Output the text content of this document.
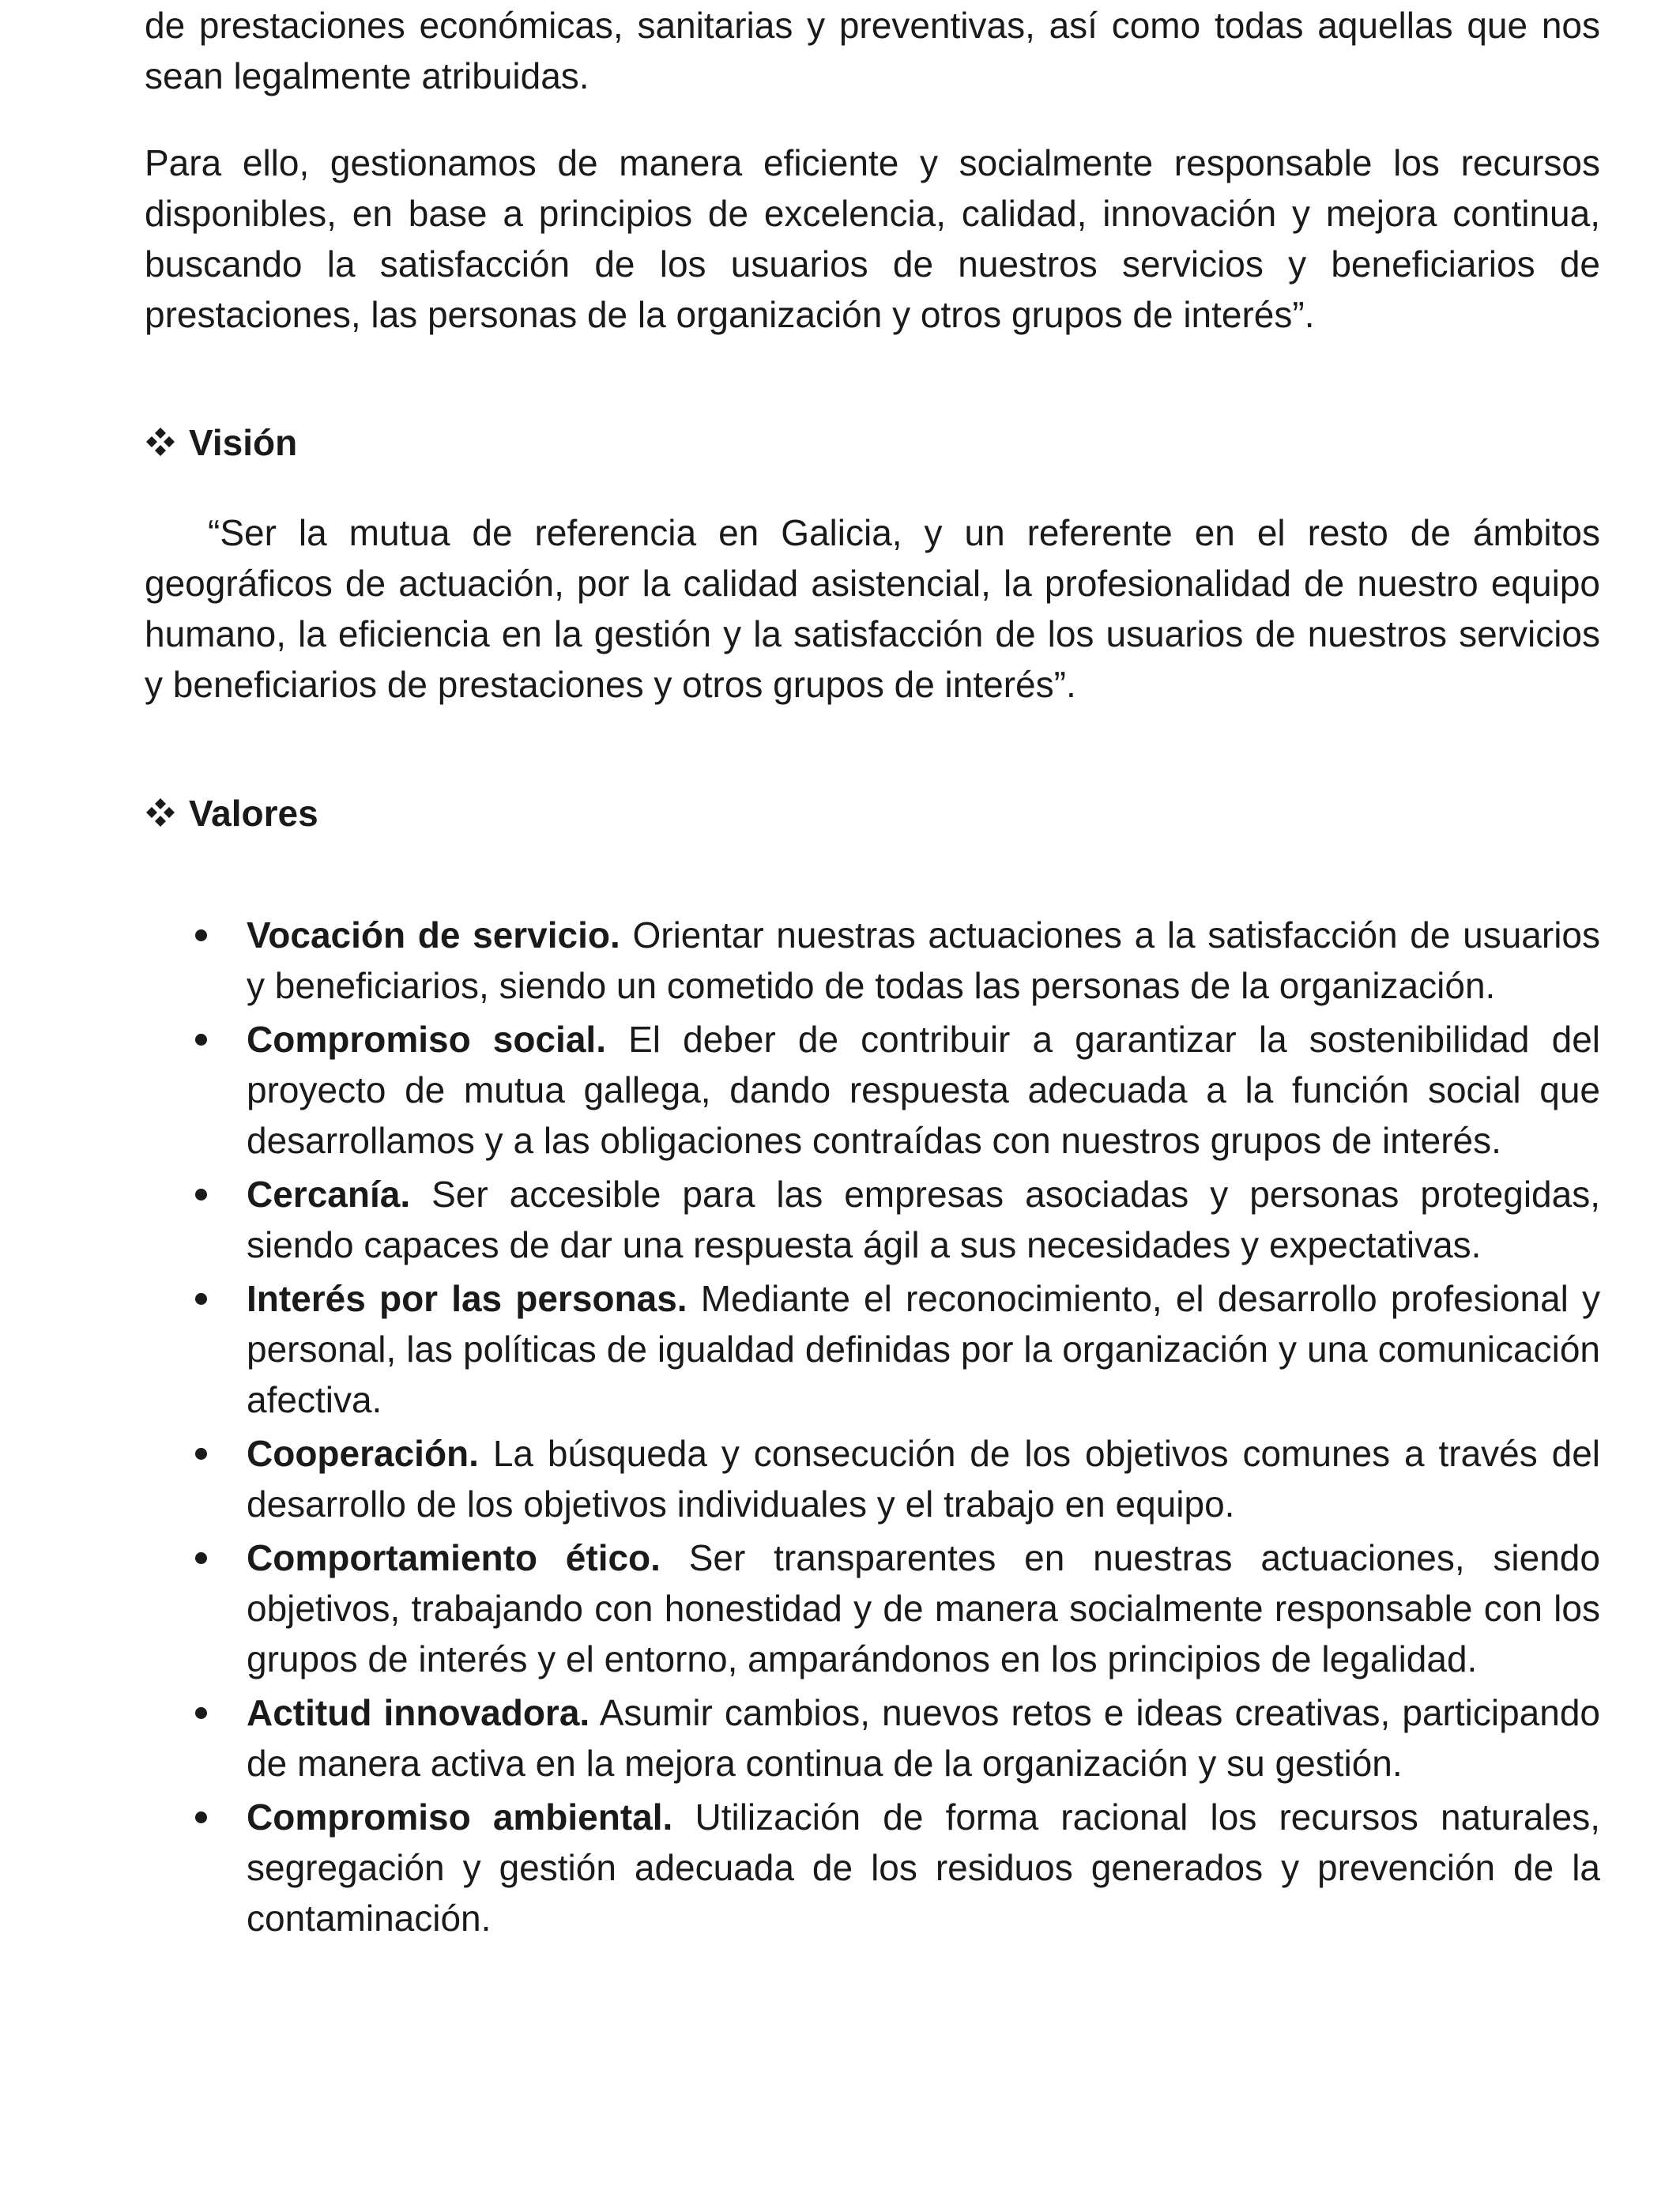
de prestaciones económicas, sanitarias y preventivas, así como todas aquellas que nos sean legalmente atribuidas.

Para ello, gestionamos de manera eficiente y socialmente responsable los recursos disponibles, en base a principios de excelencia, calidad, innovación y mejora continua, buscando la satisfacción de los usuarios de nuestros servicios y beneficiarios de prestaciones, las personas de la organización y otros grupos de interés”.

Visión

“Ser la mutua de referencia en Galicia, y un referente en el resto de ámbitos geográficos de actuación, por la calidad asistencial, la profesionalidad de nuestro equipo humano, la eficiencia en la gestión y la satisfacción de los usuarios de nuestros servicios y beneficiarios de prestaciones y otros grupos de interés”.

Valores
Vocación de servicio. Orientar nuestras actuaciones a la satisfacción de usuarios y beneficiarios, siendo un cometido de todas las personas de la organización.
Compromiso social. El deber de contribuir a garantizar la sostenibilidad del proyecto de mutua gallega, dando respuesta adecuada a la función social que desarrollamos y a las obligaciones contraídas con nuestros grupos de interés.
Cercanía. Ser accesible para las empresas asociadas y personas protegidas, siendo capaces de dar una respuesta ágil a sus necesidades y expectativas.
Interés por las personas. Mediante el reconocimiento, el desarrollo profesional y personal, las políticas de igualdad definidas por la organización y una comunicación afectiva.
Cooperación. La búsqueda y consecución de los objetivos comunes a través del desarrollo de los objetivos individuales y el trabajo en equipo.
Comportamiento ético. Ser transparentes en nuestras actuaciones, siendo objetivos, trabajando con honestidad y de manera socialmente responsable con los grupos de interés y el entorno, amparándonos en los principios de legalidad.
Actitud innovadora. Asumir cambios, nuevos retos e ideas creativas, participando de manera activa en la mejora continua de la organización y su gestión.
Compromiso ambiental. Utilización de forma racional los recursos naturales, segregación y gestión adecuada de los residuos generados y prevención de la contaminación.
